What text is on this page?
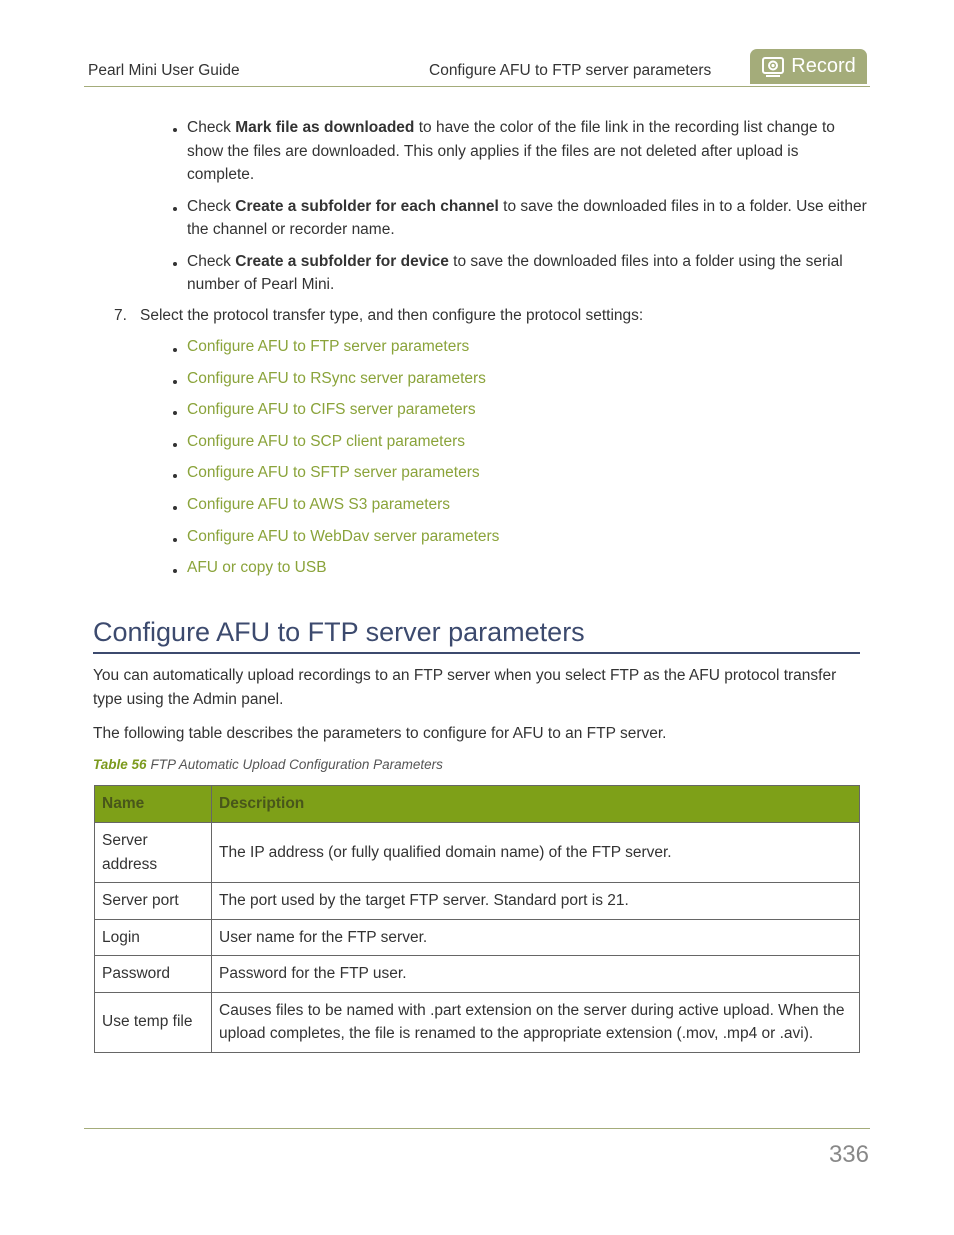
Pearl Mini User Guide	Configure AFU to FTP server parameters	Record
Check Mark file as downloaded to have the color of the file link in the recording list change to show the files are downloaded. This only applies if the files are not deleted after upload is complete.
Check Create a subfolder for each channel to save the downloaded files in to a folder. Use either the channel or recorder name.
Check Create a subfolder for device to save the downloaded files into a folder using the serial number of Pearl Mini.
7. Select the protocol transfer type, and then configure the protocol settings:
Configure AFU to FTP server parameters
Configure AFU to RSync server parameters
Configure AFU to CIFS server parameters
Configure AFU to SCP client parameters
Configure AFU to SFTP server parameters
Configure AFU to AWS S3 parameters
Configure AFU to WebDav server parameters
AFU or copy to USB
Configure AFU to FTP server parameters

You can automatically upload recordings to an FTP server when you select FTP as the AFU protocol transfer type using the Admin panel.

The following table describes the parameters to configure for AFU to an FTP server.

Table 56 FTP Automatic Upload Configuration Parameters
Name	Description
Server address	The IP address (or fully qualified domain name) of the FTP server.
Server port	The port used by the target FTP server. Standard port is 21.
Login	User name for the FTP server.
Password	Password for the FTP user.
Use temp file	Causes files to be named with .part extension on the server during active upload. When the upload completes, the file is renamed to the appropriate extension (.mov, .mp4 or .avi).
336
